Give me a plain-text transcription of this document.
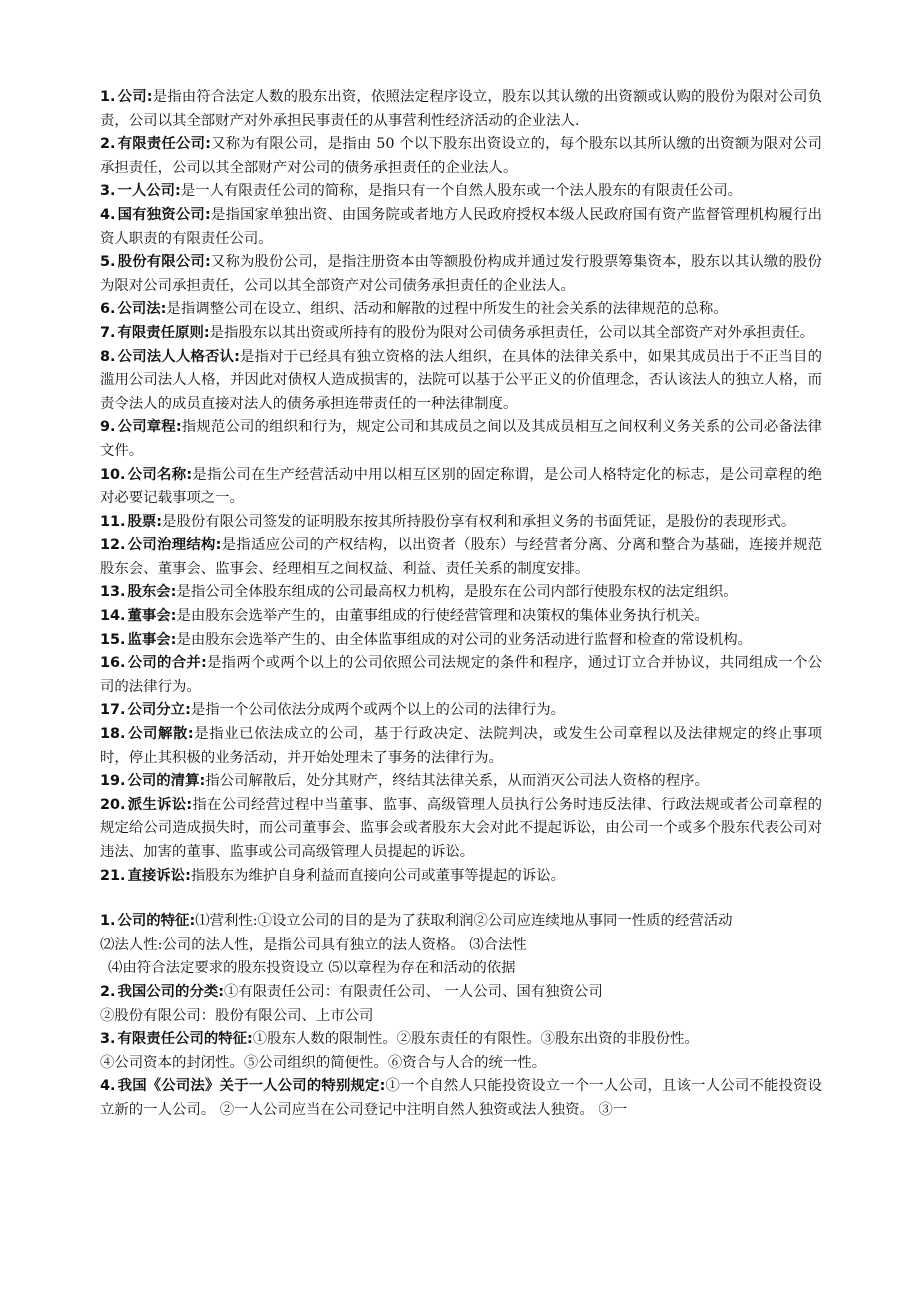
1. 公司:是指由符合法定人数的股东出资，依照法定程序设立，股东以其认缴的出资额或认购的股份为限对公司负责，公司以其全部财产对外承担民事责任的从事营利性经济活动的企业法人.

2. 有限责任公司:又称为有限公司，是指由 50 个以下股东出资设立的，每个股东以其所认缴的出资额为限对公司承担责任，公司以其全部财产对公司的债务承担责任的企业法人。

3. 一人公司:是一人有限责任公司的简称，是指只有一个自然人股东或一个法人股东的有限责任公司。

4. 国有独资公司:是指国家单独出资、由国务院或者地方人民政府授权本级人民政府国有资产监督管理机构履行出资人职责的有限责任公司。

5. 股份有限公司:又称为股份公司，是指注册资本由等额股份构成并通过发行股票筹集资本，股东以其认缴的股份为限对公司承担责任，公司以其全部资产对公司债务承担责任的企业法人。

6. 公司法:是指调整公司在设立、组织、活动和解散的过程中所发生的社会关系的法律规范的总称。

7. 有限责任原则:是指股东以其出资或所持有的股份为限对公司债务承担责任，公司以其全部资产对外承担责任。

8. 公司法人人格否认:是指对于已经具有独立资格的法人组织，在具体的法律关系中，如果其成员出于不正当目的滥用公司法人人格，并因此对债权人造成损害的，法院可以基于公平正义的价值理念，否认该法人的独立人格，而责令法人的成员直接对法人的债务承担连带责任的一种法律制度。

9. 公司章程:指规范公司的组织和行为，规定公司和其成员之间以及其成员相互之间权利义务关系的公司必备法律文件。

10. 公司名称:是指公司在生产经营活动中用以相互区别的固定称谓，是公司人格特定化的标志，是公司章程的绝对必要记载事项之一。

11. 股票:是股份有限公司签发的证明股东按其所持股份享有权利和承担义务的书面凭证，是股份的表现形式。

12. 公司治理结构:是指适应公司的产权结构，以出资者（股东）与经营者分离、分离和整合为基础，连接并规范股东会、董事会、监事会、经理相互之间权益、利益、责任关系的制度安排。

13. 股东会:是指公司全体股东组成的公司最高权力机构，是股东在公司内部行使股东权的法定组织。

14. 董事会:是由股东会选举产生的，由董事组成的行使经营管理和决策权的集体业务执行机关。

15. 监事会:是由股东会选举产生的、由全体监事组成的对公司的业务活动进行监督和检查的常设机构。

16. 公司的合并:是指两个或两个以上的公司依照公司法规定的条件和程序，通过订立合并协议，共同组成一个公司的法律行为。

17. 公司分立:是指一个公司依法分成两个或两个以上的公司的法律行为。

18. 公司解散:是指业已依法成立的公司，基于行政决定、法院判决，或发生公司章程以及法律规定的终止事项时，停止其积极的业务活动，并开始处理未了事务的法律行为。

19. 公司的清算:指公司解散后，处分其财产，终结其法律关系，从而消灭公司法人资格的程序。

20. 派生诉讼:指在公司经营过程中当董事、监事、高级管理人员执行公务时违反法律、行政法规或者公司章程的规定给公司造成损失时，而公司董事会、监事会或者股东大会对此不提起诉讼，由公司一个或多个股东代表公司对违法、加害的董事、监事或公司高级管理人员提起的诉讼。

21. 直接诉讼:指股东为维护自身利益而直接向公司或董事等提起的诉讼。

1. 公司的特征:⑴营利性:①设立公司的目的是为了获取利润②公司应连续地从事同一性质的经营活动
⑵法人性:公司的法人性，是指公司具有独立的法人资格。 ⑶合法性
⑷由符合法定要求的股东投资设立 ⑸以章程为存在和活动的依据

2. 我国公司的分类:①有限责任公司：有限责任公司、 一人公司、国有独资公司
②股份有限公司：股份有限公司、上市公司

3. 有限责任公司的特征:①股东人数的限制性。②股东责任的有限性。③股东出资的非股份性。
④公司资本的封闭性。⑤公司组织的简便性。⑥资合与人合的统一性。

4. 我国《公司法》关于一人公司的特别规定:①一个自然人只能投资设立一个一人公司，且该一人公司不能投资设立新的一人公司。 ②一人公司应当在公司登记中注明自然人独资或法人独资。 ③一
